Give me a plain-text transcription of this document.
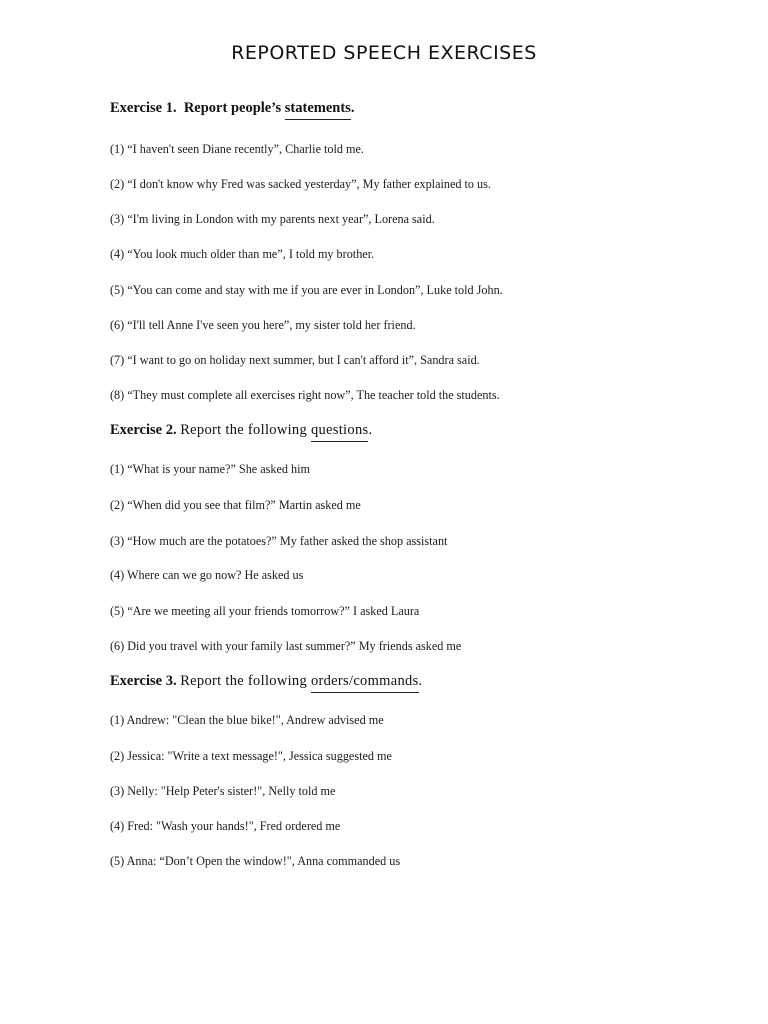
REPORTED SPEECH EXERCISES
Exercise 1. Report people’s statements.
(1) “I haven't seen Diane recently”, Charlie told me.
(2) “I don't know why Fred was sacked yesterday”, My father explained to us.
(3) “I'm living in London with my parents next year”, Lorena said.
(4) “You look much older than me”, I told my brother.
(5) “You can come and stay with me if you are ever in London”, Luke told John.
(6) “I'll tell Anne I've seen you here”, my sister told her friend.
(7) “I want to go on holiday next summer, but I can't afford it”, Sandra said.
(8) “They must complete all exercises right now”, The teacher told the students.
Exercise 2. Report the following questions.
(1) “What is your name?” She asked him
(2) “When did you see that film?” Martin asked me
(3) “How much are the potatoes?” My father asked the shop assistant
(4) Where can we go now? He asked us
(5) “Are we meeting all your friends tomorrow?” I asked Laura
(6) Did you travel with your family last summer?” My friends asked me
Exercise 3. Report the following orders/commands.
(1) Andrew: "Clean the blue bike!", Andrew advised me
(2) Jessica: "Write a text message!", Jessica suggested me
(3) Nelly: "Help Peter's sister!", Nelly told me
(4) Fred: "Wash your hands!", Fred ordered me
(5) Anna: “Don’t Open the window!", Anna commanded us
